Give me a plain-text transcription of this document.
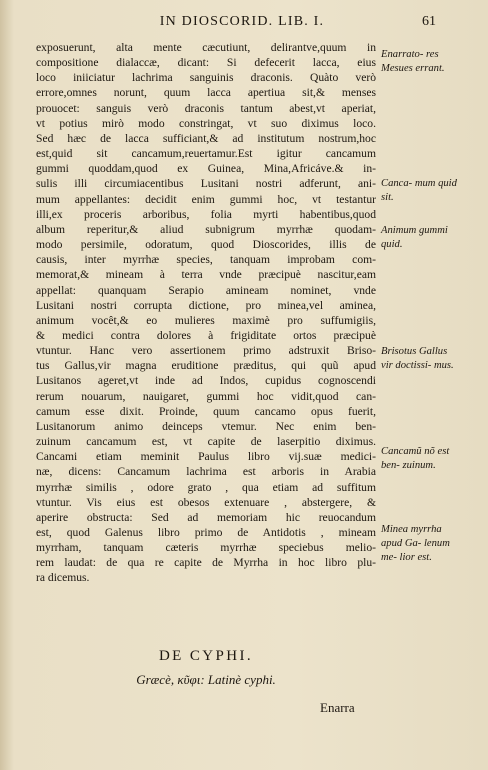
IN DIOSCORID. LIB. I.	61
exposuerunt, alta mente cæcutiunt, delirantve,quum in
compositione dialaccæ, dicant: Si defecerit lacca, eius
loco iniiciatur lachrima sanguinis draconis. Quàto verò
errore,omnes norunt, quum lacca apertiua sit,& menses
prouocet: sanguis verò draconis tantum abest,vt aperiat,
vt potius mirò modo constringat, vt suo diximus loco.
Sed hæc de lacca sufficiant,& ad institutum nostrum,hoc
est,quid sit cancamum,reuertamur.Est igitur cancamum
gummi quoddam,quod ex Guinea, Mina,Africáve.& in-
sulis illi circumiacentibus Lusitani nostri adferunt, ani-
mum appellantes: decidit enim gummi hoc, vt testantur
illi,ex proceris arboribus, folia myrti habentibus,quod
album reperitur,& aliud subnigrum myrrhæ quodam-
modo persimile, odoratum, quod Dioscorides, illis de
causis, inter myrrhæ species, tanquam improbam com-
memorat,& mineam à terra vnde præcipuè nascitur,eam
appellat: quanquam Serapio amineam nominet, vnde
Lusitani nostri corrupta dictione, pro minea,vel aminea,
animum vocêt,& eo mulieres maximè pro suffumigiis,
& medici contra dolores à frigiditate ortos præcipuè
vtuntur. Hanc vero assertionem primo adstruxit Briso-
tus Gallus,vir magna eruditione præditus, qui quũ apud
Lusitanos ageret,vt inde ad Indos, cupidus cognoscendi
rerum nouarum, nauigaret, gummi hoc vidit,quod can-
camum esse dixit. Proinde, quum cancamo opus fuerit,
Lusitanorum animo deinceps vtemur. Nec enim ben-
zuinum cancamum est, vt capite de laserpitio diximus.
Cancami etiam meminit Paulus libro vij.suæ medici-
næ, dicens: Cancamum lachrima est arboris in Arabia
myrrhæ similis , odore grato , qua etiam ad suffitum
vtuntur. Vis eius est obesos extenuare , abstergere, &
aperire obstructa: Sed ad memoriam hic reuocandum
est, quod Galenus libro primo de Antidotis , mineam
myrrham, tanquam cæteris myrrhæ speciebus melio-
rem laudat: de qua re capite de Myrrha in hoc libro plu-
ra dicemus.
Enarrato- res Mesues errant.
Canca- mum quid sit.
Animum gummi quid.
Brisotus Gallus vir doctissi- mus.
Cancamũ nõ est ben- zuinum.
Minea myrrha apud Ga- lenum me- lior est.
DE CYPHI.
Græcè, κῦφι: Latinè cyphi.
Enarra
